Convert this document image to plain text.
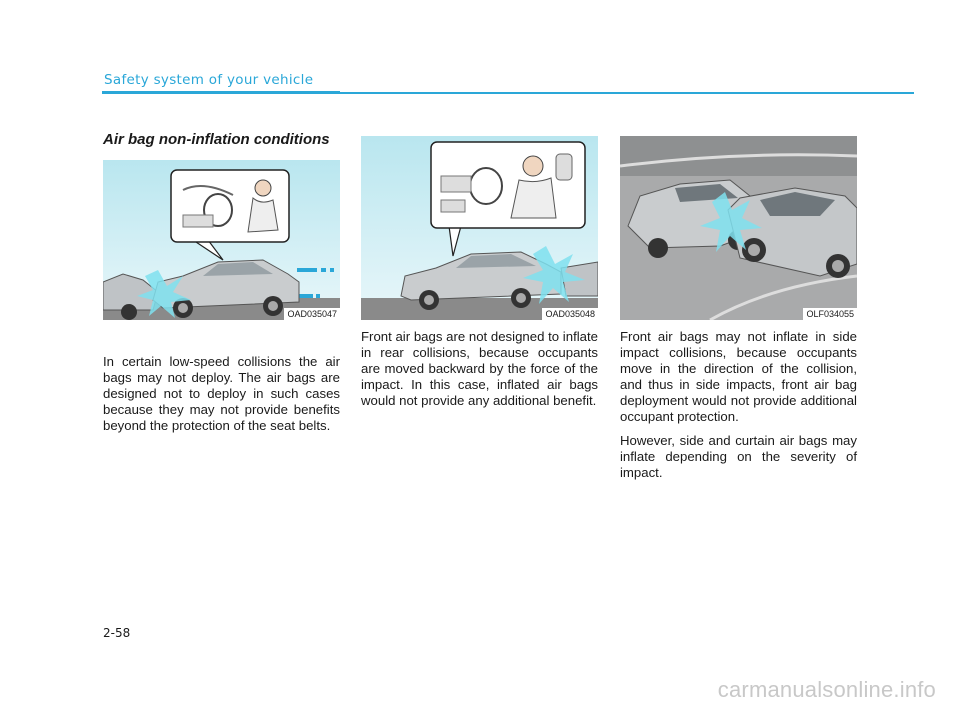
Safety system of your vehicle
Air bag non-inflation conditions
OAD035047	OAD035048	OLF034055

In certain low-speed collisions the air bags may not deploy. The air bags are designed not to deploy in such cases because they may not provide benefits beyond the protection of the seat belts.

Front air bags are not designed to inflate in rear collisions, because occupants are moved backward by the force of the impact. In this case, inflated air bags would not provide any additional benefit.

Front air bags may not inflate in side impact collisions, because occupants move in the direction of the collision, and thus in side impacts, front air bag deployment would not provide additional occupant protection.

However, side and curtain air bags may inflate depending on the severity of impact.

2-58
carmanualsonline.info
